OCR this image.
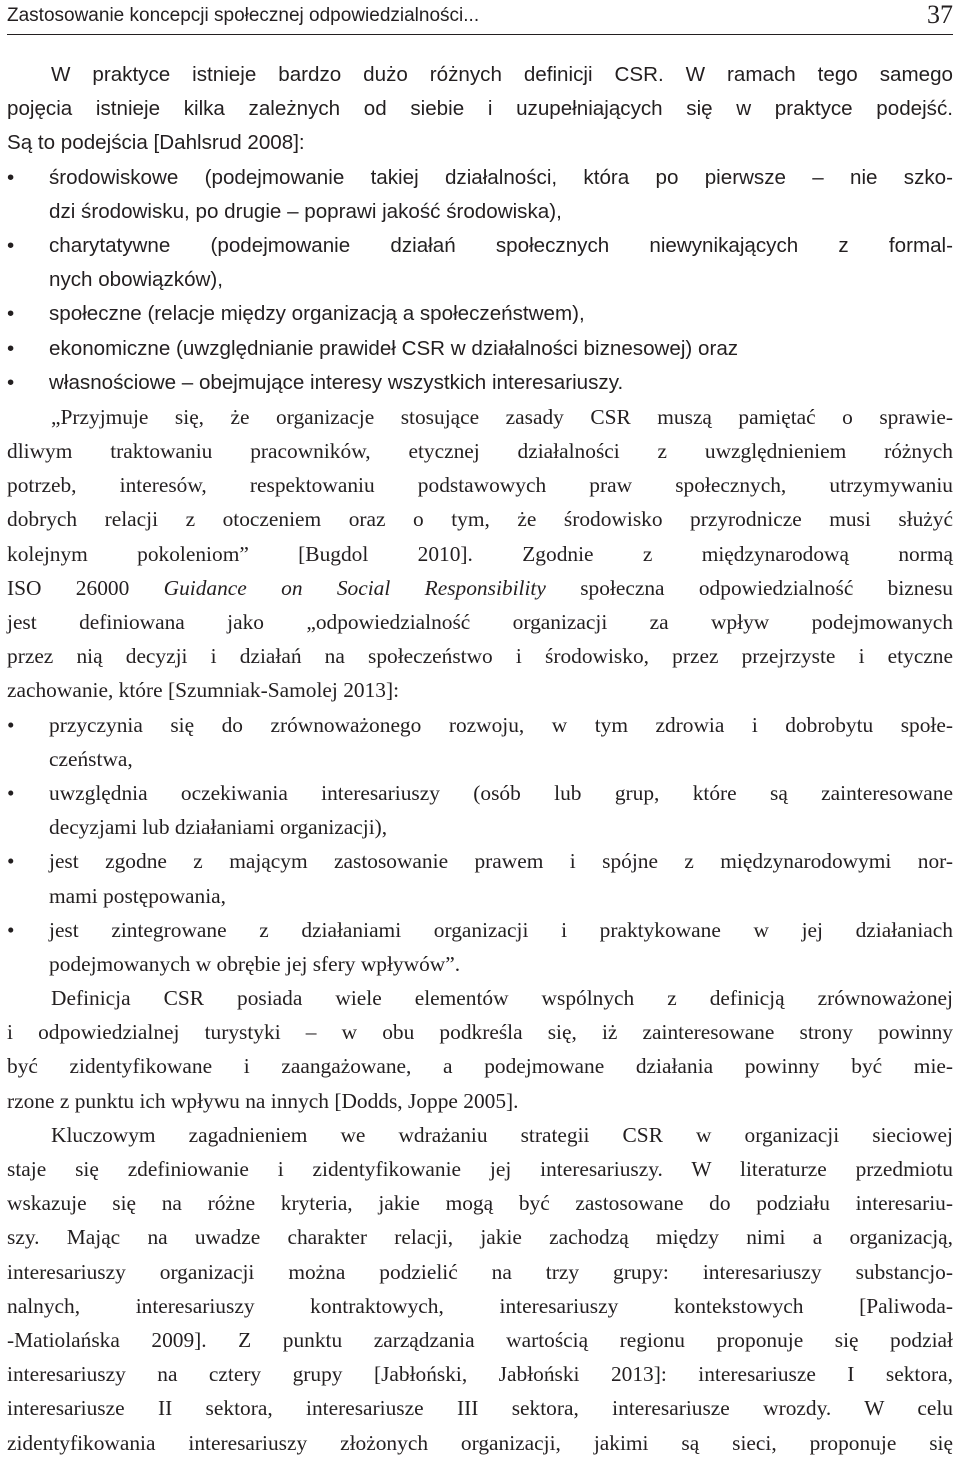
Zastosowanie koncepcji społecznej odpowiedzialności...	37
W praktyce istnieje bardzo dużo różnych definicji CSR. W ramach tego samego
pojęcia istnieje kilka zależnych od siebie i uzupełniających się w praktyce podejść.
Są to podejścia [Dahlsrud 2008]:
• środowiskowe (podejmowanie takiej działalności, która po pierwsze – nie szko-
dzi środowisku, po drugie – poprawi jakość środowiska),
• charytatywne (podejmowanie działań społecznych niewynikających z formal-
nych obowiązków),
• społeczne (relacje między organizacją a społeczeństwem),
• ekonomiczne (uwzględnianie prawideł CSR w działalności biznesowej) oraz
• własnościowe – obejmujące interesy wszystkich interesariuszy.
„Przyjmuje się, że organizacje stosujące zasady CSR muszą pamiętać o sprawie-
dliwym traktowaniu pracowników, etycznej działalności z uwzględnieniem różnych
potrzeb, interesów, respektowaniu podstawowych praw społecznych, utrzymywaniu
dobrych relacji z otoczeniem oraz o tym, że środowisko przyrodnicze musi służyć
kolejnym pokoleniom” [Bugdol 2010]. Zgodnie z międzynarodową normą
ISO 26000 Guidance on Social Responsibility społeczna odpowiedzialność biznesu
jest definiowana jako „odpowiedzialność organizacji za wpływ podejmowanych
przez nią decyzji i działań na społeczeństwo i środowisko, przez przejrzyste i etyczne
zachowanie, które [Szumniak-Samolej 2013]:
• przyczynia się do zrównoważonego rozwoju, w tym zdrowia i dobrobytu społe-
czeństwa,
• uwzględnia oczekiwania interesariuszy (osób lub grup, które są zainteresowane
decyzjami lub działaniami organizacji),
• jest zgodne z mającym zastosowanie prawem i spójne z międzynarodowymi nor-
mami postępowania,
• jest zintegrowane z działaniami organizacji i praktykowane w jej działaniach
podejmowanych w obrębie jej sfery wpływów”.
Definicja CSR posiada wiele elementów wspólnych z definicją zrównoważonej
i odpowiedzialnej turystyki – w obu podkreśla się, iż zainteresowane strony powinny
być zidentyfikowane i zaangażowane, a podejmowane działania powinny być mie-
rzone z punktu ich wpływu na innych [Dodds, Joppe 2005].
Kluczowym zagadnieniem we wdrażaniu strategii CSR w organizacji sieciowej
staje się zdefiniowanie i zidentyfikowanie jej interesariuszy. W literaturze przedmiotu
wskazuje się na różne kryteria, jakie mogą być zastosowane do podziału interesariu-
szy. Mając na uwadze charakter relacji, jakie zachodzą między nimi a organizacją,
interesariuszy organizacji można podzielić na trzy grupy: interesariuszy substancjo-
nalnych, interesariuszy kontraktowych, interesariuszy kontekstowych [Paliwoda-
-Matiolańska 2009]. Z punktu zarządzania wartością regionu proponuje się podział
interesariuszy na cztery grupy [Jabłoński, Jabłoński 2013]: interesariusze I sektora,
interesariusze II sektora, interesariusze III sektora, interesariusze wrozdy. W celu
zidentyfikowania interesariuszy złożonych organizacji, jakimi są sieci, proponuje się
